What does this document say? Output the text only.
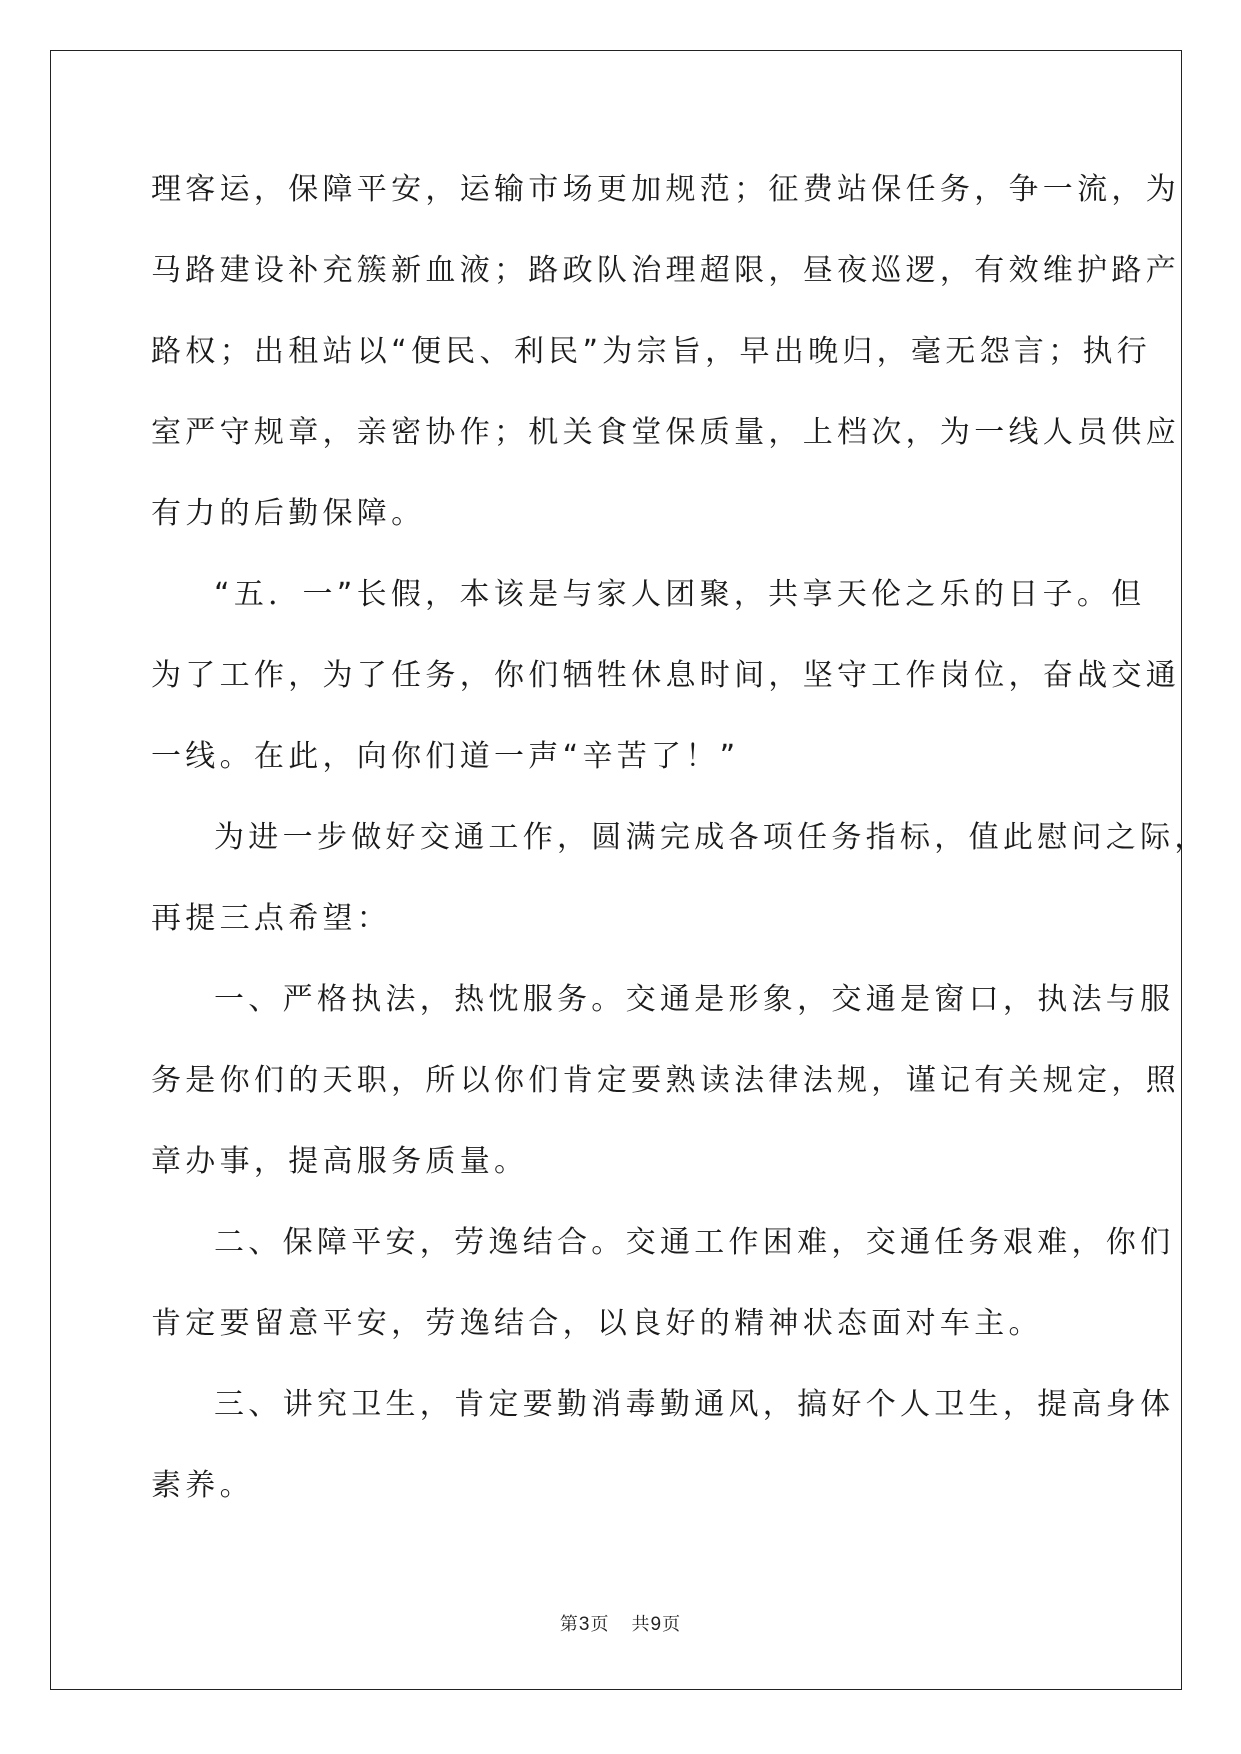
理客运，保障平安，运输市场更加规范；征费站保任务，争一流，为
马路建设补充簇新血液；路政队治理超限，昼夜巡逻，有效维护路产
路权；出租站以“便民、利民”为宗旨，早出晚归，毫无怨言；执行
室严守规章，亲密协作；机关食堂保质量，上档次，为一线人员供应
有力的后勤保障。
“五．一”长假，本该是与家人团聚，共享天伦之乐的日子。但
为了工作，为了任务，你们牺牲休息时间，坚守工作岗位，奋战交通
一线。在此，向你们道一声“辛苦了！”
为进一步做好交通工作，圆满完成各项任务指标，值此慰问之际，
再提三点希望：
一、严格执法，热忱服务。交通是形象，交通是窗口，执法与服
务是你们的天职，所以你们肯定要熟读法律法规，谨记有关规定，照
章办事，提高服务质量。
二、保障平安，劳逸结合。交通工作困难，交通任务艰难，你们
肯定要留意平安，劳逸结合，以良好的精神状态面对车主。
三、讲究卫生，肯定要勤消毒勤通风，搞好个人卫生，提高身体
素养。
第3页 共9页
